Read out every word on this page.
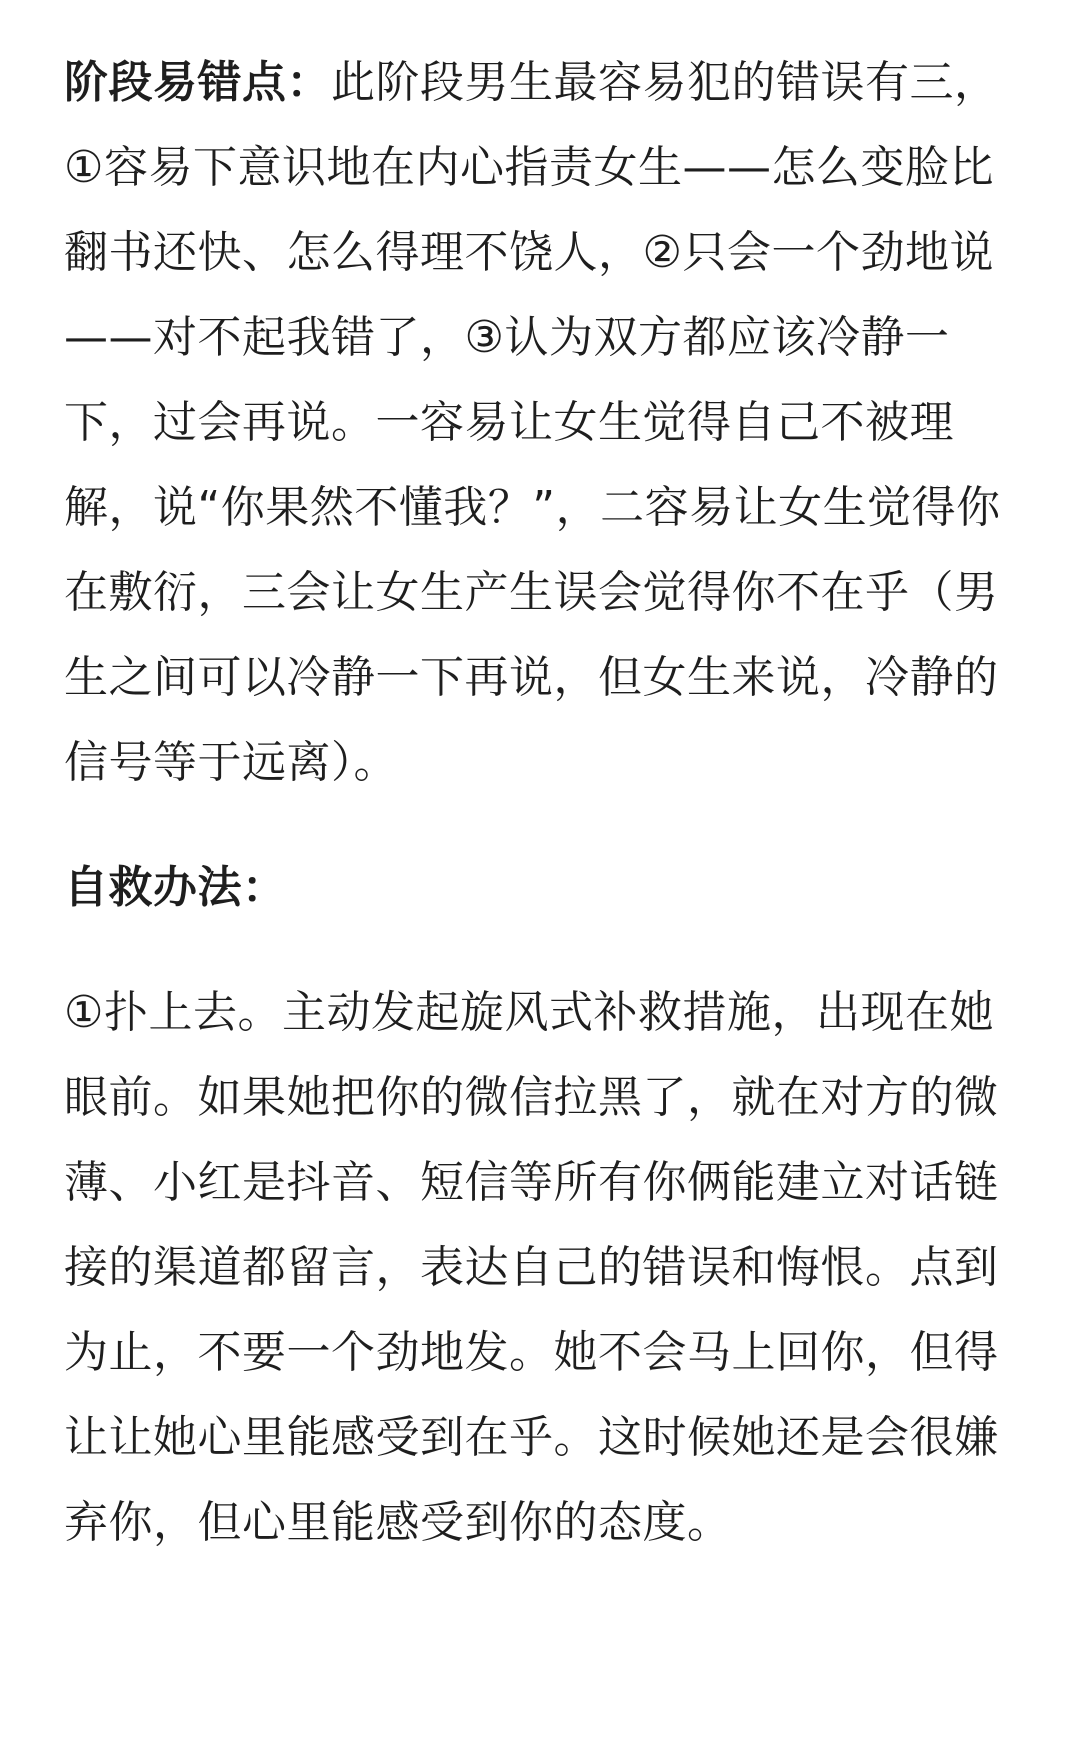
阶段易错点：此阶段男生最容易犯的错误有三，①容易下意识地在内心指责女生——怎么变脸比翻书还快、怎么得理不饶人，②只会一个劲地说——对不起我错了，③认为双方都应该冷静一下，过会再说。一容易让女生觉得自己不被理解，说“你果然不懂我？”，二容易让女生觉得你在敷衍，三会让女生产生误会觉得你不在乎（男生之间可以冷静一下再说，但女生来说，冷静的信号等于远离）。

自救办法：

①扑上去。主动发起旋风式补救措施，出现在她眼前。如果她把你的微信拉黑了，就在对方的微薄、小红是抖音、短信等所有你俩能建立对话链接的渠道都留言，表达自己的错误和悔恨。点到为止，不要一个劲地发。她不会马上回你，但得让让她心里能感受到在乎。这时候她还是会很嫌弃你，但心里能感受到你的态度。
